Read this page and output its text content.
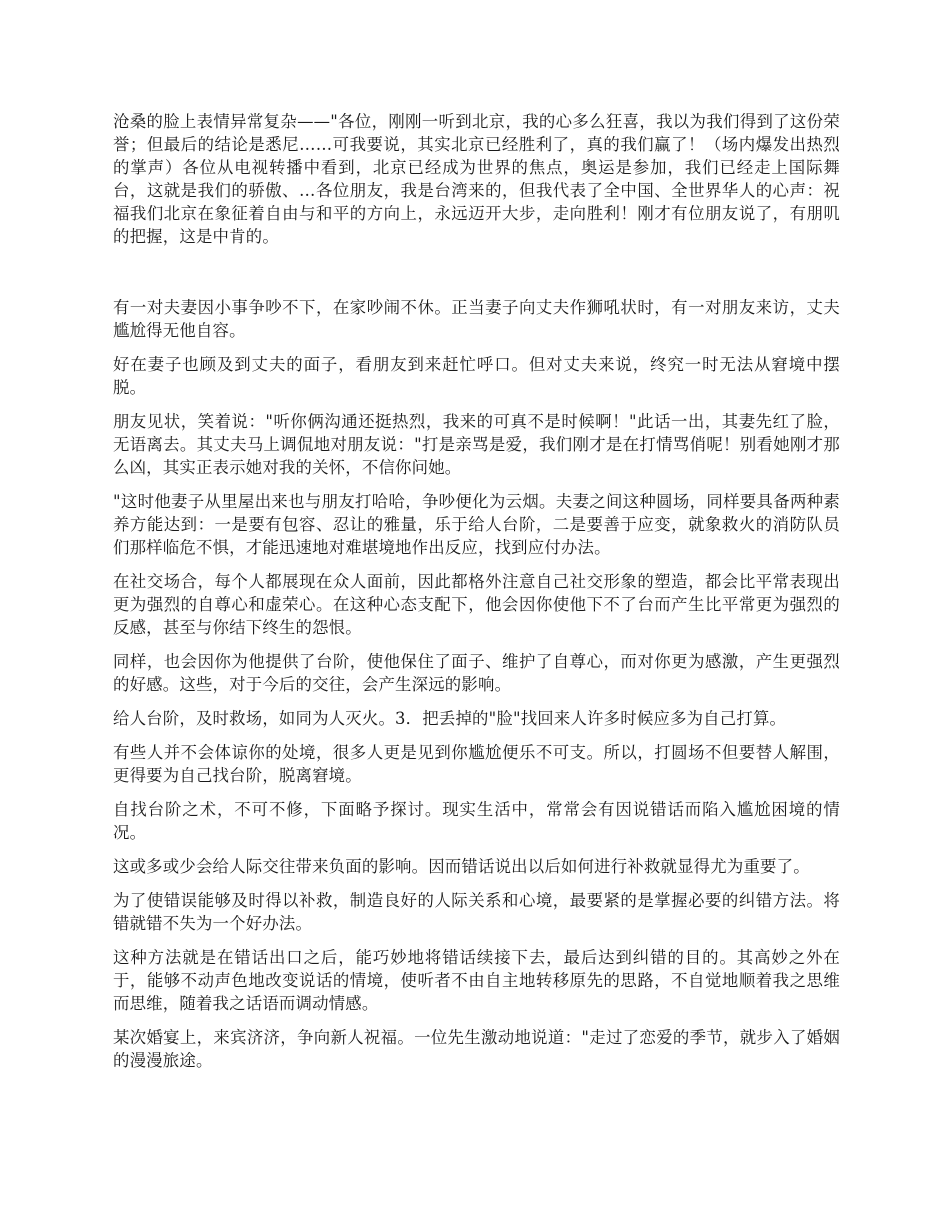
沧桑的脸上表情异常复杂——"各位，刚刚一听到北京，我的心多么狂喜，我以为我们得到了这份荣誉；但最后的结论是悉尼……可我要说，其实北京已经胜利了，真的我们赢了！（场内爆发出热烈的掌声）各位从电视转播中看到，北京已经成为世界的焦点，奥运是参加，我们已经走上国际舞台，这就是我们的骄傲、…各位朋友，我是台湾来的，但我代表了全中国、全世界华人的心声：祝福我们北京在象征着自由与和平的方向上，永远迈开大步，走向胜利！刚才有位朋友说了，有朋叽的把握，这是中肯的。

有一对夫妻因小事争吵不下，在家吵闹不休。正当妻子向丈夫作狮吼状时，有一对朋友来访，丈夫尴尬得无他自容。

好在妻子也顾及到丈夫的面子，看朋友到来赶忙呼口。但对丈夫来说，终究一时无法从窘境中摆脱。

朋友见状，笑着说："听你俩沟通还挺热烈，我来的可真不是时候啊！"此话一出，其妻先红了脸，无语离去。其丈夫马上调侃地对朋友说："打是亲骂是爱，我们刚才是在打情骂俏呢！别看她刚才那么凶，其实正表示她对我的关怀，不信你问她。

"这时他妻子从里屋出来也与朋友打哈哈，争吵便化为云烟。夫妻之间这种圆场，同样要具备两种素养方能达到：一是要有包容、忍让的雅量，乐于给人台阶，二是要善于应变，就象救火的消防队员们那样临危不惧，才能迅速地对难堪境地作出反应，找到应付办法。

在社交场合，每个人都展现在众人面前，因此都格外注意自己社交形象的塑造，都会比平常表现出更为强烈的自尊心和虚荣心。在这种心态支配下，他会因你使他下不了台而产生比平常更为强烈的反感，甚至与你结下终生的怨恨。

同样，也会因你为他提供了台阶，使他保住了面子、维护了自尊心，而对你更为感激，产生更强烈的好感。这些，对于今后的交往，会产生深远的影响。

给人台阶，及时救场，如同为人灭火。3．把丢掉的"脸"找回来人许多时候应多为自己打算。

有些人并不会体谅你的处境，很多人更是见到你尴尬便乐不可支。所以，打圆场不但要替人解围，更得要为自己找台阶，脱离窘境。

自找台阶之术，不可不修，下面略予探讨。现实生活中，常常会有因说错话而陷入尴尬困境的情况。

这或多或少会给人际交往带来负面的影响。因而错话说出以后如何进行补救就显得尤为重要了。

为了使错误能够及时得以补救，制造良好的人际关系和心境，最要紧的是掌握必要的纠错方法。将错就错不失为一个好办法。

这种方法就是在错话出口之后，能巧妙地将错话续接下去，最后达到纠错的目的。其高妙之外在于，能够不动声色地改变说话的情境，使听者不由自主地转移原先的思路，不自觉地顺着我之思维而思维，随着我之话语而调动情感。

某次婚宴上，来宾济济，争向新人祝福。一位先生激动地说道："走过了恋爱的季节，就步入了婚姻的漫漫旅途。
